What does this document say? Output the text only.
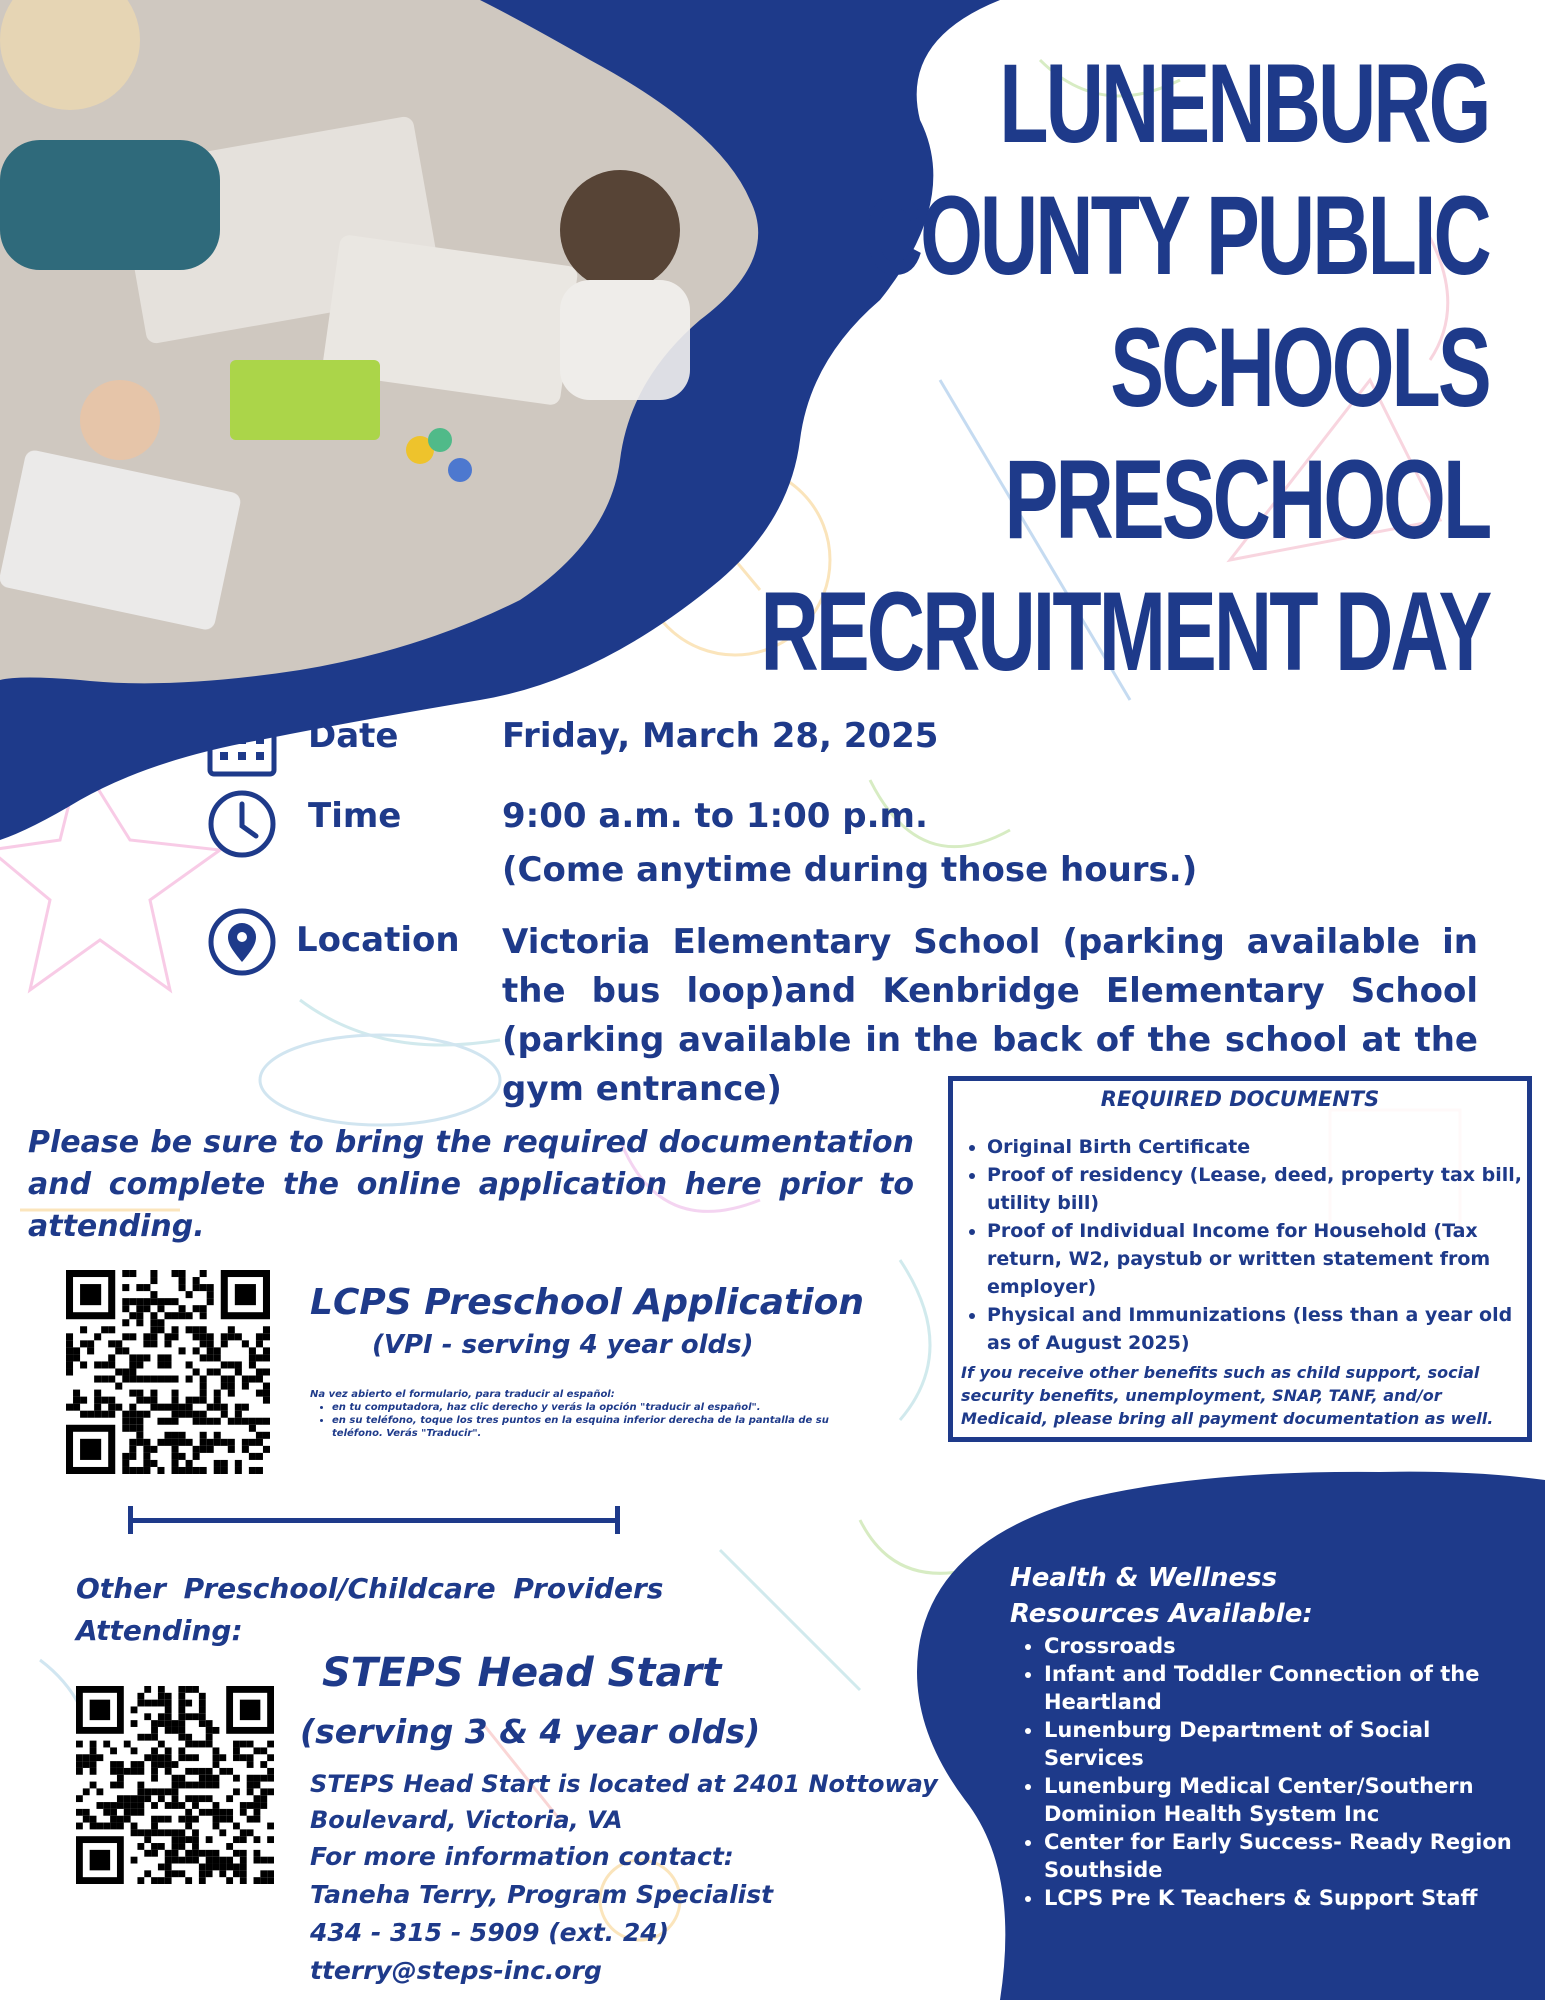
LUNENBURG
COUNTY PUBLIC
SCHOOLS
PRESCHOOL
RECRUITMENT DAY
Date	Friday, March 28, 2025
Time	9:00 a.m. to 1:00 p.m.
(Come anytime during those hours.)
Location Victoria Elementary School (parking available in the bus loop)and Kenbridge Elementary School (parking available in the back of the school at the gym entrance)
Please be sure to bring the required documentation and complete the online application here prior to attending.
LCPS Preschool Application
(VPI - serving 4 year olds)
Na vez abierto el formulario, para traducir al español:
• en tu computadora, haz clic derecho y verás la opción "traducir al español".
• en su teléfono, toque los tres puntos en la esquina inferior derecha de la pantalla de su teléfono. Verás "Traducir".
REQUIRED DOCUMENTS
• Original Birth Certificate
• Proof of residency (Lease, deed, property tax bill, utility bill)
• Proof of Individual Income for Household (Tax return, W2, paystub or written statement from employer)
• Physical and Immunizations (less than a year old as of August 2025)
If you receive other benefits such as child support, social security benefits, unemployment, SNAP, TANF, and/or Medicaid, please bring all payment documentation as well.
Other Preschool/Childcare Providers Attending:
STEPS Head Start
(serving 3 & 4 year olds)
STEPS Head Start is located at 2401 Nottoway Boulevard, Victoria, VA
For more information contact:
Taneha Terry, Program Specialist
434 - 315 - 5909 (ext. 24)
tterry@steps-inc.org
Health & Wellness
Resources Available:
• Crossroads
• Infant and Toddler Connection of the Heartland
• Lunenburg Department of Social Services
• Lunenburg Medical Center/Southern Dominion Health System Inc
• Center for Early Success- Ready Region Southside
• LCPS Pre K Teachers & Support Staff
